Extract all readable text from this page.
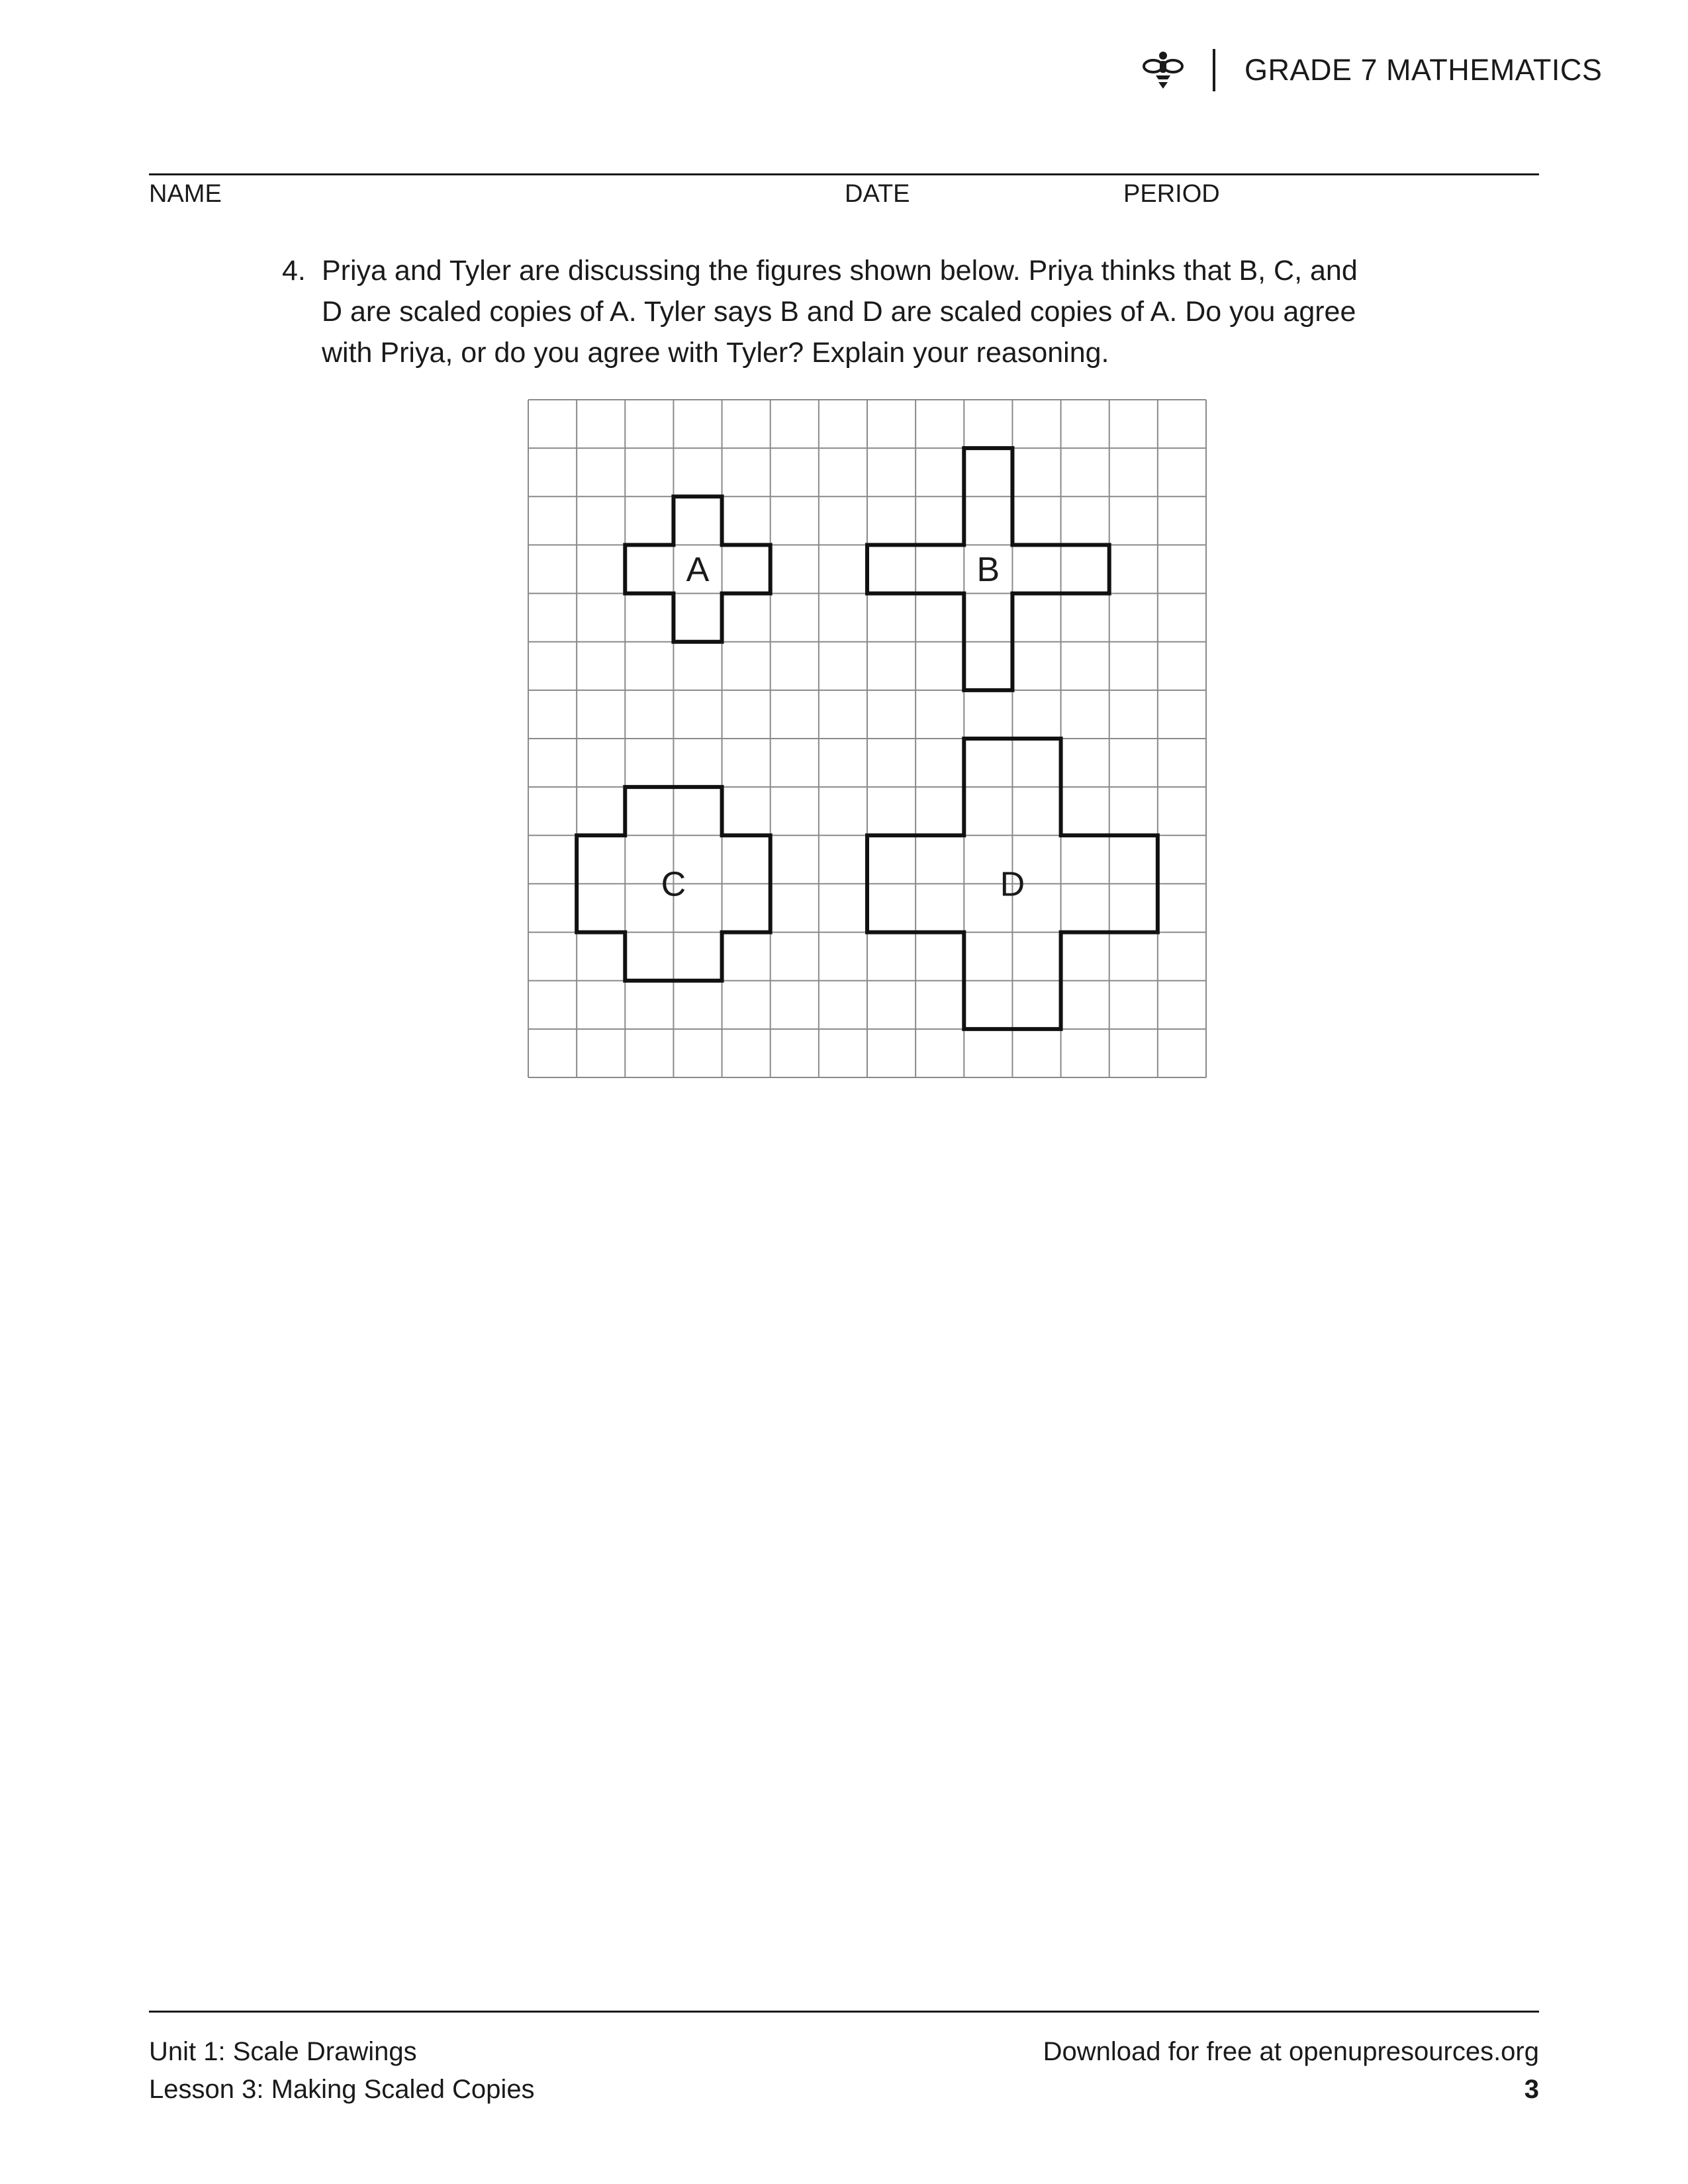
GRADE 7 MATHEMATICS
NAME	DATE	PERIOD
4. Priya and Tyler are discussing the figures shown below. Priya thinks that B, C, and D are scaled copies of A. Tyler says B and D are scaled copies of A. Do you agree with Priya, or do you agree with Tyler? Explain your reasoning.
A	B
C	D
Unit 1: Scale Drawings
Lesson 3: Making Scaled Copies
Download for free at openupresources.org
3
